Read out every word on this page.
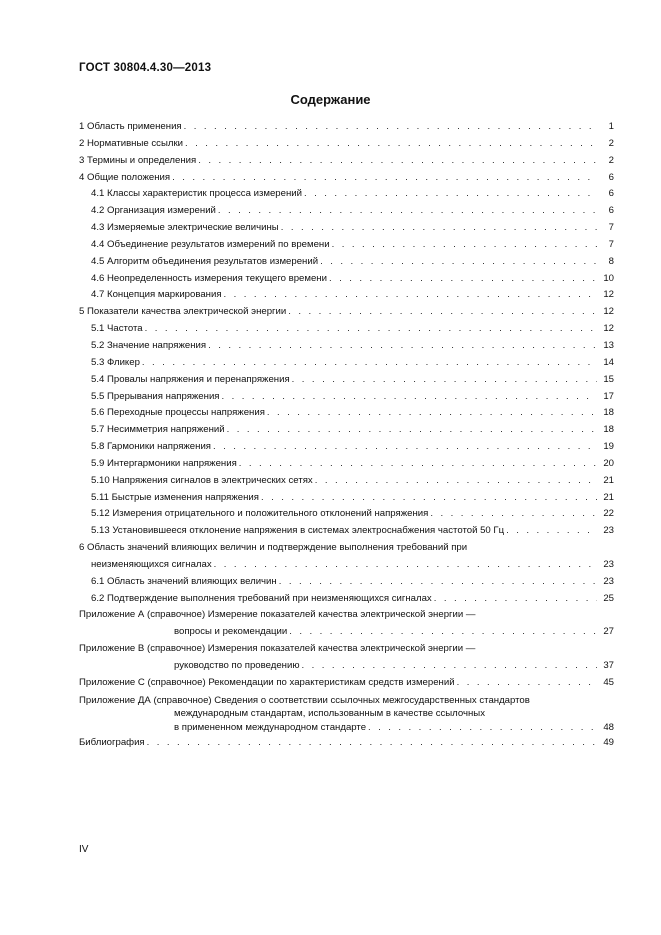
ГОСТ 30804.4.30—2013
Содержание
1 Область применения . . .	1
2 Нормативные ссылки . . .	2
3 Термины и определения . . .	2
4 Общие положения . . .	6
4.1 Классы характеристик процесса измерений . . .	6
4.2 Организация измерений . . .	6
4.3 Измеряемые электрические величины . . .	7
4.4 Объединение результатов измерений по времени . . .	7
4.5 Алгоритм объединения результатов измерений . . .	8
4.6 Неопределенность измерения текущего времени . . .	10
4.7 Концепция маркирования . . .	12
5 Показатели качества электрической энергии . . .	12
5.1 Частота . . .	12
5.2 Значение напряжения . . .	13
5.3 Фликер . . .	14
5.4 Провалы напряжения и перенапряжения . . .	15
5.5 Прерывания напряжения . . .	17
5.6 Переходные процессы напряжения . . .	18
5.7 Несимметрия напряжений . . .	18
5.8 Гармоники напряжения . . .	19
5.9 Интергармоники напряжения . . .	20
5.10 Напряжения сигналов в электрических сетях . . .	21
5.11 Быстрые изменения напряжения . . .	21
5.12 Измерения отрицательного и положительного отклонений напряжения . . .	22
5.13 Установившееся отклонение напряжения в системах электроснабжения частотой 50 Гц . . .	23
6 Область значений влияющих величин и подтверждение выполнения требований при
неизменяющихся сигналах . . .	23
6.1 Область значений влияющих величин . . .	23
6.2 Подтверждение выполнения требований при неизменяющихся сигналах . . .	25
Приложение А (справочное) Измерение показателей качества электрической энергии —
вопросы и рекомендации . . .	27
Приложение В (справочное) Измерения показателей качества электрической энергии —
руководство по проведению . . .	37
Приложение С (справочное) Рекомендации по характеристикам средств измерений . . .	45
Приложение ДА (справочное) Сведения о соответствии ссылочных межгосударственных стандартов
международным стандартам, использованным в качестве ссылочных
в примененном международном стандарте . . .	48
Библиография . . .	49
IV
